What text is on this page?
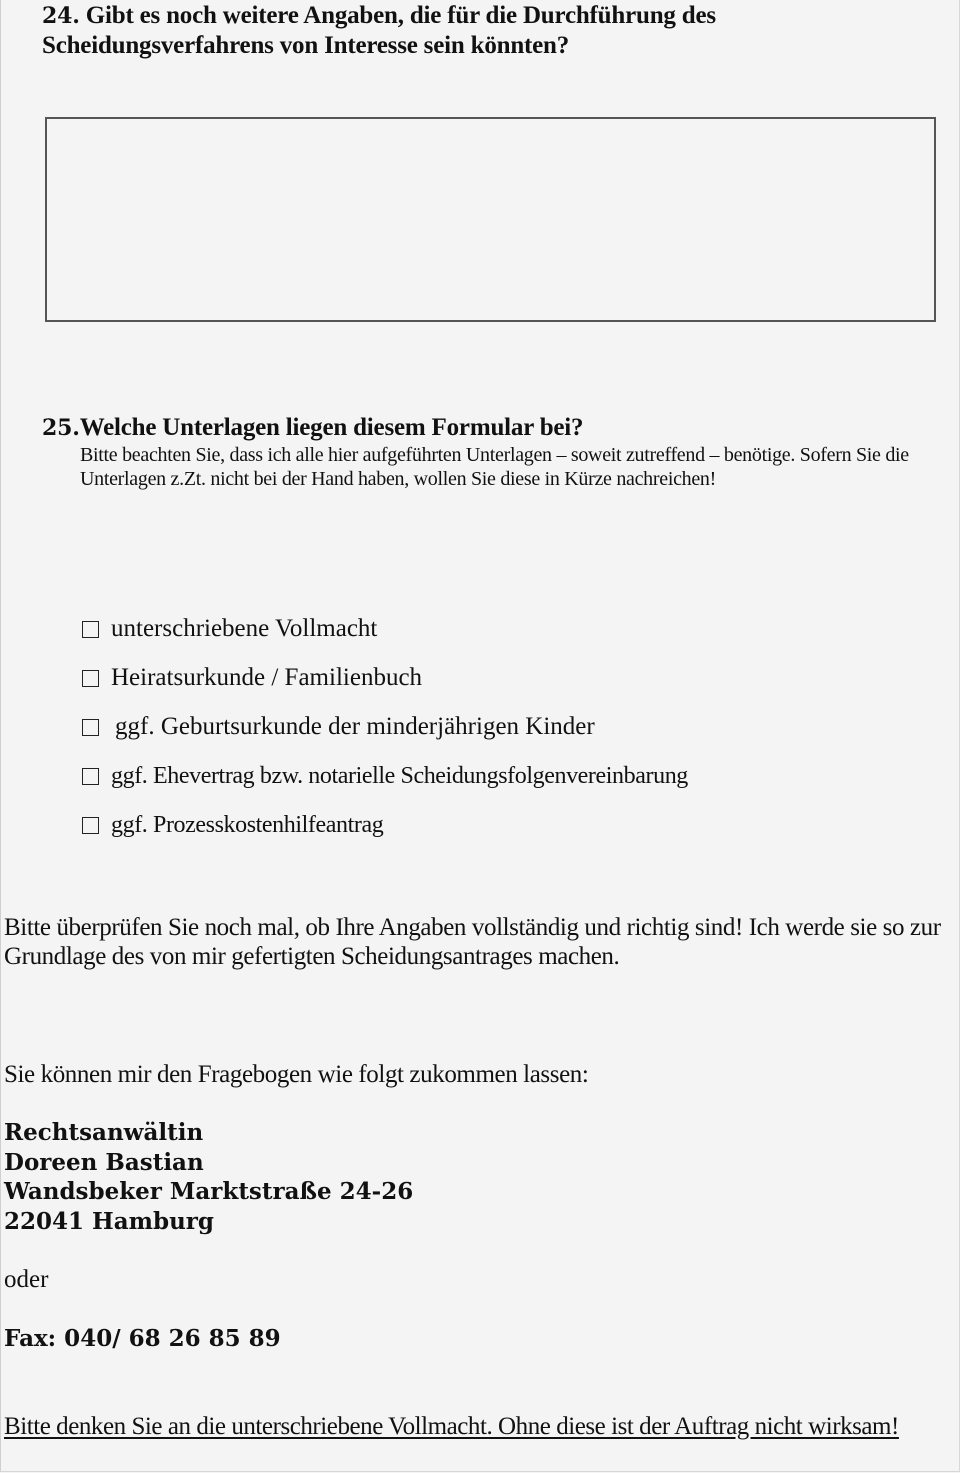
24. Gibt es noch weitere Angaben, die für die Durchführung des Scheidungsverfahrens von Interesse sein könnten?
25.Welche Unterlagen liegen diesem Formular bei?

Bitte beachten Sie, dass ich alle hier aufgeführten Unterlagen – soweit zutreffend – benötige. Sofern Sie die Unterlagen z.Zt. nicht bei der Hand haben, wollen Sie diese in Kürze nachreichen!

unterschriebene Vollmacht
Heiratsurkunde / Familienbuch
ggf. Geburtsurkunde der minderjährigen Kinder
ggf. Ehevertrag bzw. notarielle Scheidungsfolgenvereinbarung
ggf. Prozesskostenhilfeantrag

Bitte überprüfen Sie noch mal, ob Ihre Angaben vollständig und richtig sind! Ich werde sie so zur Grundlage des von mir gefertigten Scheidungsantrages machen.

Sie können mir den Fragebogen wie folgt zukommen lassen:

Rechtsanwältin
Doreen Bastian
Wandsbeker Marktstraße 24-26
22041 Hamburg

oder

Fax: 040/ 68 26 85 89

Bitte denken Sie an die unterschriebene Vollmacht. Ohne diese ist der Auftrag nicht wirksam!
